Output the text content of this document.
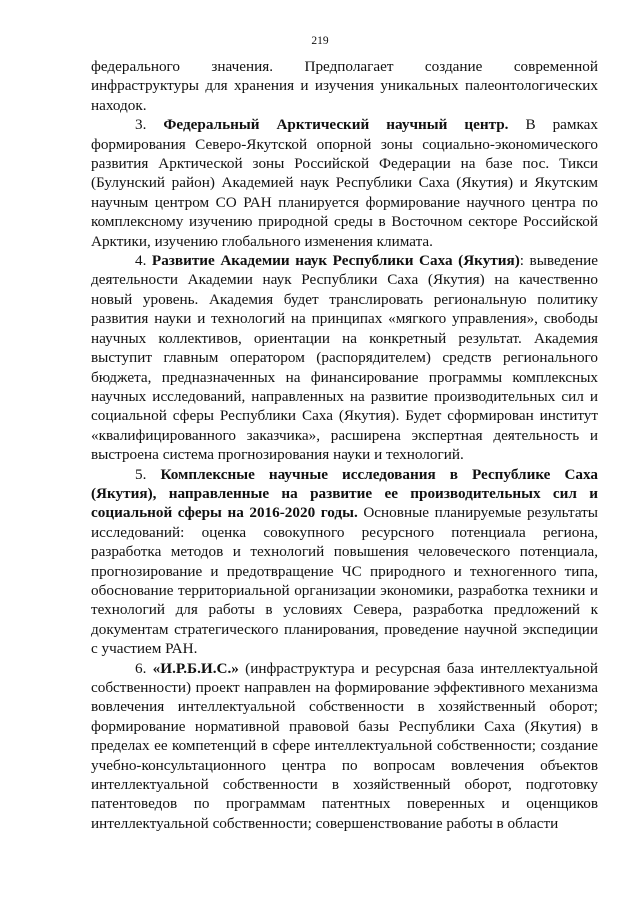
219

федерального значения. Предполагает создание современной инфраструктуры для хранения и изучения уникальных палеонтологических находок.

3. Федеральный Арктический научный центр. В рамках формирования Северо-Якутской опорной зоны социально-экономического развития Арктической зоны Российской Федерации на базе пос. Тикси (Булунский район) Академией наук Республики Саха (Якутия) и Якутским научным центром СО РАН планируется формирование научного центра по комплексному изучению природной среды в Восточном секторе Российской Арктики, изучению глобального изменения климата.

4. Развитие Академии наук Республики Саха (Якутия): выведение деятельности Академии наук Республики Саха (Якутия) на качественно новый уровень. Академия будет транслировать региональную политику развития науки и технологий на принципах «мягкого управления», свободы научных коллективов, ориентации на конкретный результат. Академия выступит главным оператором (распорядителем) средств регионального бюджета, предназначенных на финансирование программы комплексных научных исследований, направленных на развитие производительных сил и социальной сферы Республики Саха (Якутия). Будет сформирован институт «квалифицированного заказчика», расширена экспертная деятельность и выстроена система прогнозирования науки и технологий.

5. Комплексные научные исследования в Республике Саха (Якутия), направленные на развитие ее производительных сил и социальной сферы на 2016-2020 годы. Основные планируемые результаты исследований: оценка совокупного ресурсного потенциала региона, разработка методов и технологий повышения человеческого потенциала, прогнозирование и предотвращение ЧС природного и техногенного типа, обоснование территориальной организации экономики, разработка техники и технологий для работы в условиях Севера, разработка предложений к документам стратегического планирования, проведение научной экспедиции с участием РАН.

6. «И.Р.Б.И.С.» (инфраструктура и ресурсная база интеллектуальной собственности) проект направлен на формирование эффективного механизма вовлечения интеллектуальной собственности в хозяйственный оборот; формирование нормативной правовой базы Республики Саха (Якутия) в пределах ее компетенций в сфере интеллектуальной собственности; создание учебно-консультационного центра по вопросам вовлечения объектов интеллектуальной собственности в хозяйственный оборот, подготовку патентоведов по программам патентных поверенных и оценщиков интеллектуальной собственности; совершенствование работы в области
